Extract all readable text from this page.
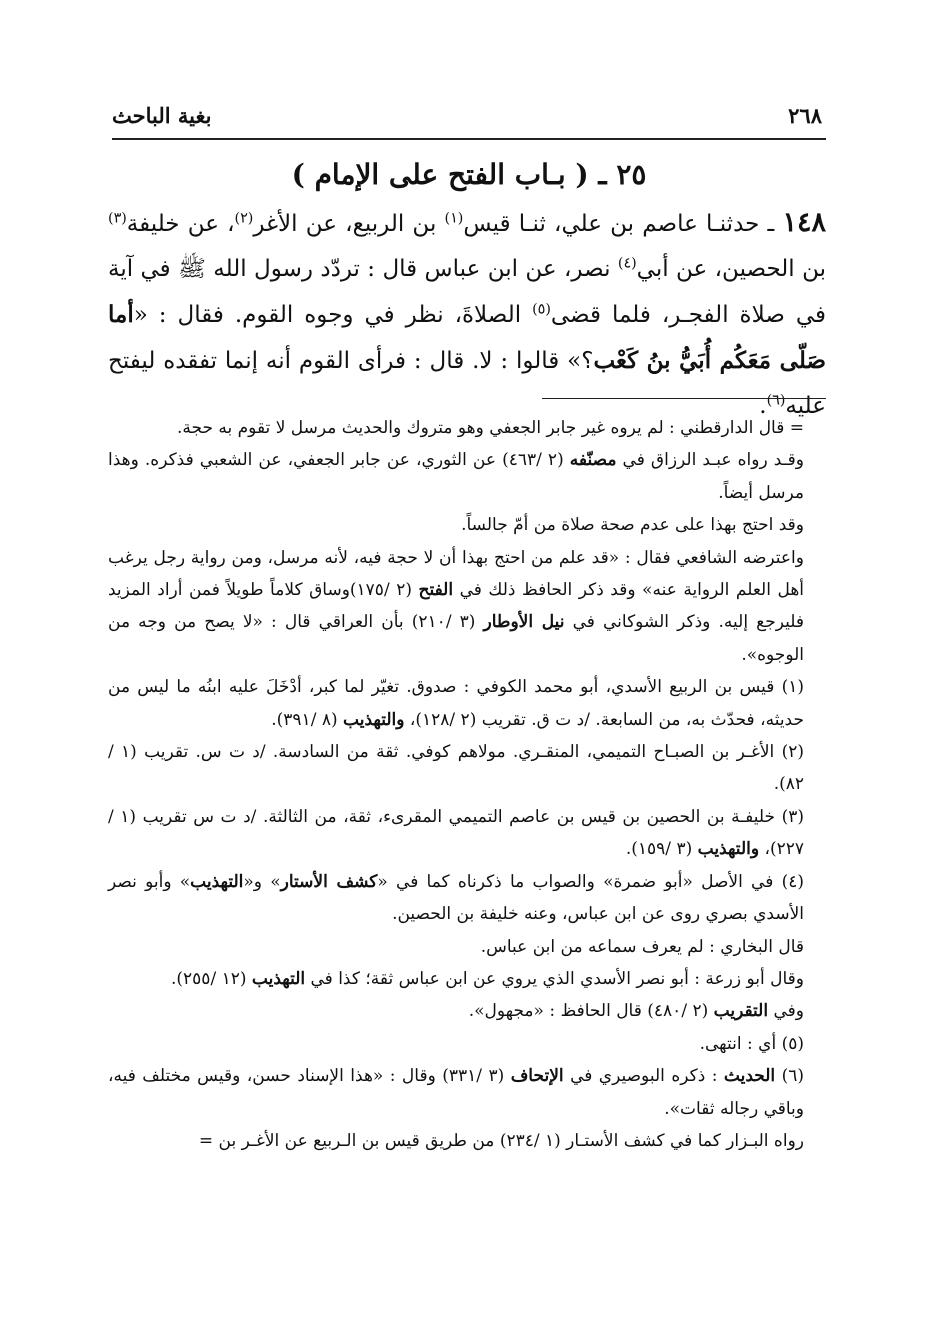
٢٦٨
بغية الباحث
٢٥ ـ ( بـاب الفتح على الإمام )
١٤٨ ـ حدثنـا عاصم بن علي، ثنـا قيس$^{(١)}$ بن الربيع، عن الأغر$^{(٢)}$، عن خليفة$^{(٣)}$ بن الحصين، عن أبي$^{(٤)}$ نصر، عن ابن عباس قال : تردّد رسول الله ﷺ في آية في صلاة الفجـر، فلما قضى$^{(٥)}$ الصلاةَ، نظر في وجوه القوم. فقال : «أما صَلّى مَعَكُم أُبَيُّ بنُ كَعْب؟» قالوا : لا. قال : فرأى القوم أنه إنما تفقده ليفتح عليه$^{(٦)}$.

= قال الدارقطني : لم يروه غير جابر الجعفي وهو متروك والحديث مرسل لا تقوم به حجة.

وقـد رواه عبـد الرزاق في مصنّفه (٢ /٤٦٣) عن الثوري، عن جابر الجعفي، عن الشعبي فذكره. وهذا مرسل أيضاً.

وقد احتج بهذا على عدم صحة صلاة من أمّ جالساً.

واعترضه الشافعي فقال : «قد علم من احتج بهذا أن لا حجة فيه، لأنه مرسل، ومن رواية رجل يرغب أهل العلم الرواية عنه» وقد ذكر الحافظ ذلك في الفتح (٢ /١٧٥)وساق كلاماً طويلاً فمن أراد المزيد فليرجع إليه. وذكر الشوكاني في نيل الأوطار (٣ /٢١٠) بأن العراقي قال : «لا يصح من وجه من الوجوه».

(١) قيس بن الربيع الأسدي، أبو محمد الكوفي : صدوق. تغيّر لما كبر، أدْخَلَ عليه ابنُه ما ليس من حديثه، فحدّث به، من السابعة. /د ت ق. تقريب (٢ /١٢٨)، والتهذيب (٨ /٣٩١).

(٢) الأغـر بن الصبـاح التميمي، المنقـري. مولاهم كوفي. ثقة من السادسة. /د ت س. تقريب (١ /٨٢).

(٣) خليفـة بن الحصين بن قيس بن عاصم التميمي المقرىء، ثقة، من الثالثة. /د ت س تقريب (١ /٢٢٧)، والتهذيب (٣ /١٥٩).

(٤) في الأصل «أبو ضمرة» والصواب ما ذكرناه كما في «كشف الأستار» و«التهذيب» وأبو نصر الأسدي بصري روى عن ابن عباس، وعنه خليفة بن الحصين.

قال البخاري : لم يعرف سماعه من ابن عباس.

وقال أبو زرعة : أبو نصر الأسدي الذي يروي عن ابن عباس ثقة؛ كذا في التهذيب (١٢ /٢٥٥).

وفي التقريب (٢ /٤٨٠) قال الحافظ : «مجهول».

(٥) أي : انتهى.

(٦) الحديث : ذكره البوصيري في الإتحاف (٣ /٣٣١) وقال : «هذا الإسناد حسن، وقيس مختلف فيه، وباقي رجاله ثقات».

رواه البـزار كما في كشف الأستـار (١ /٢٣٤) من طريق قيس بن الـربيع عن الأغـر بن =
